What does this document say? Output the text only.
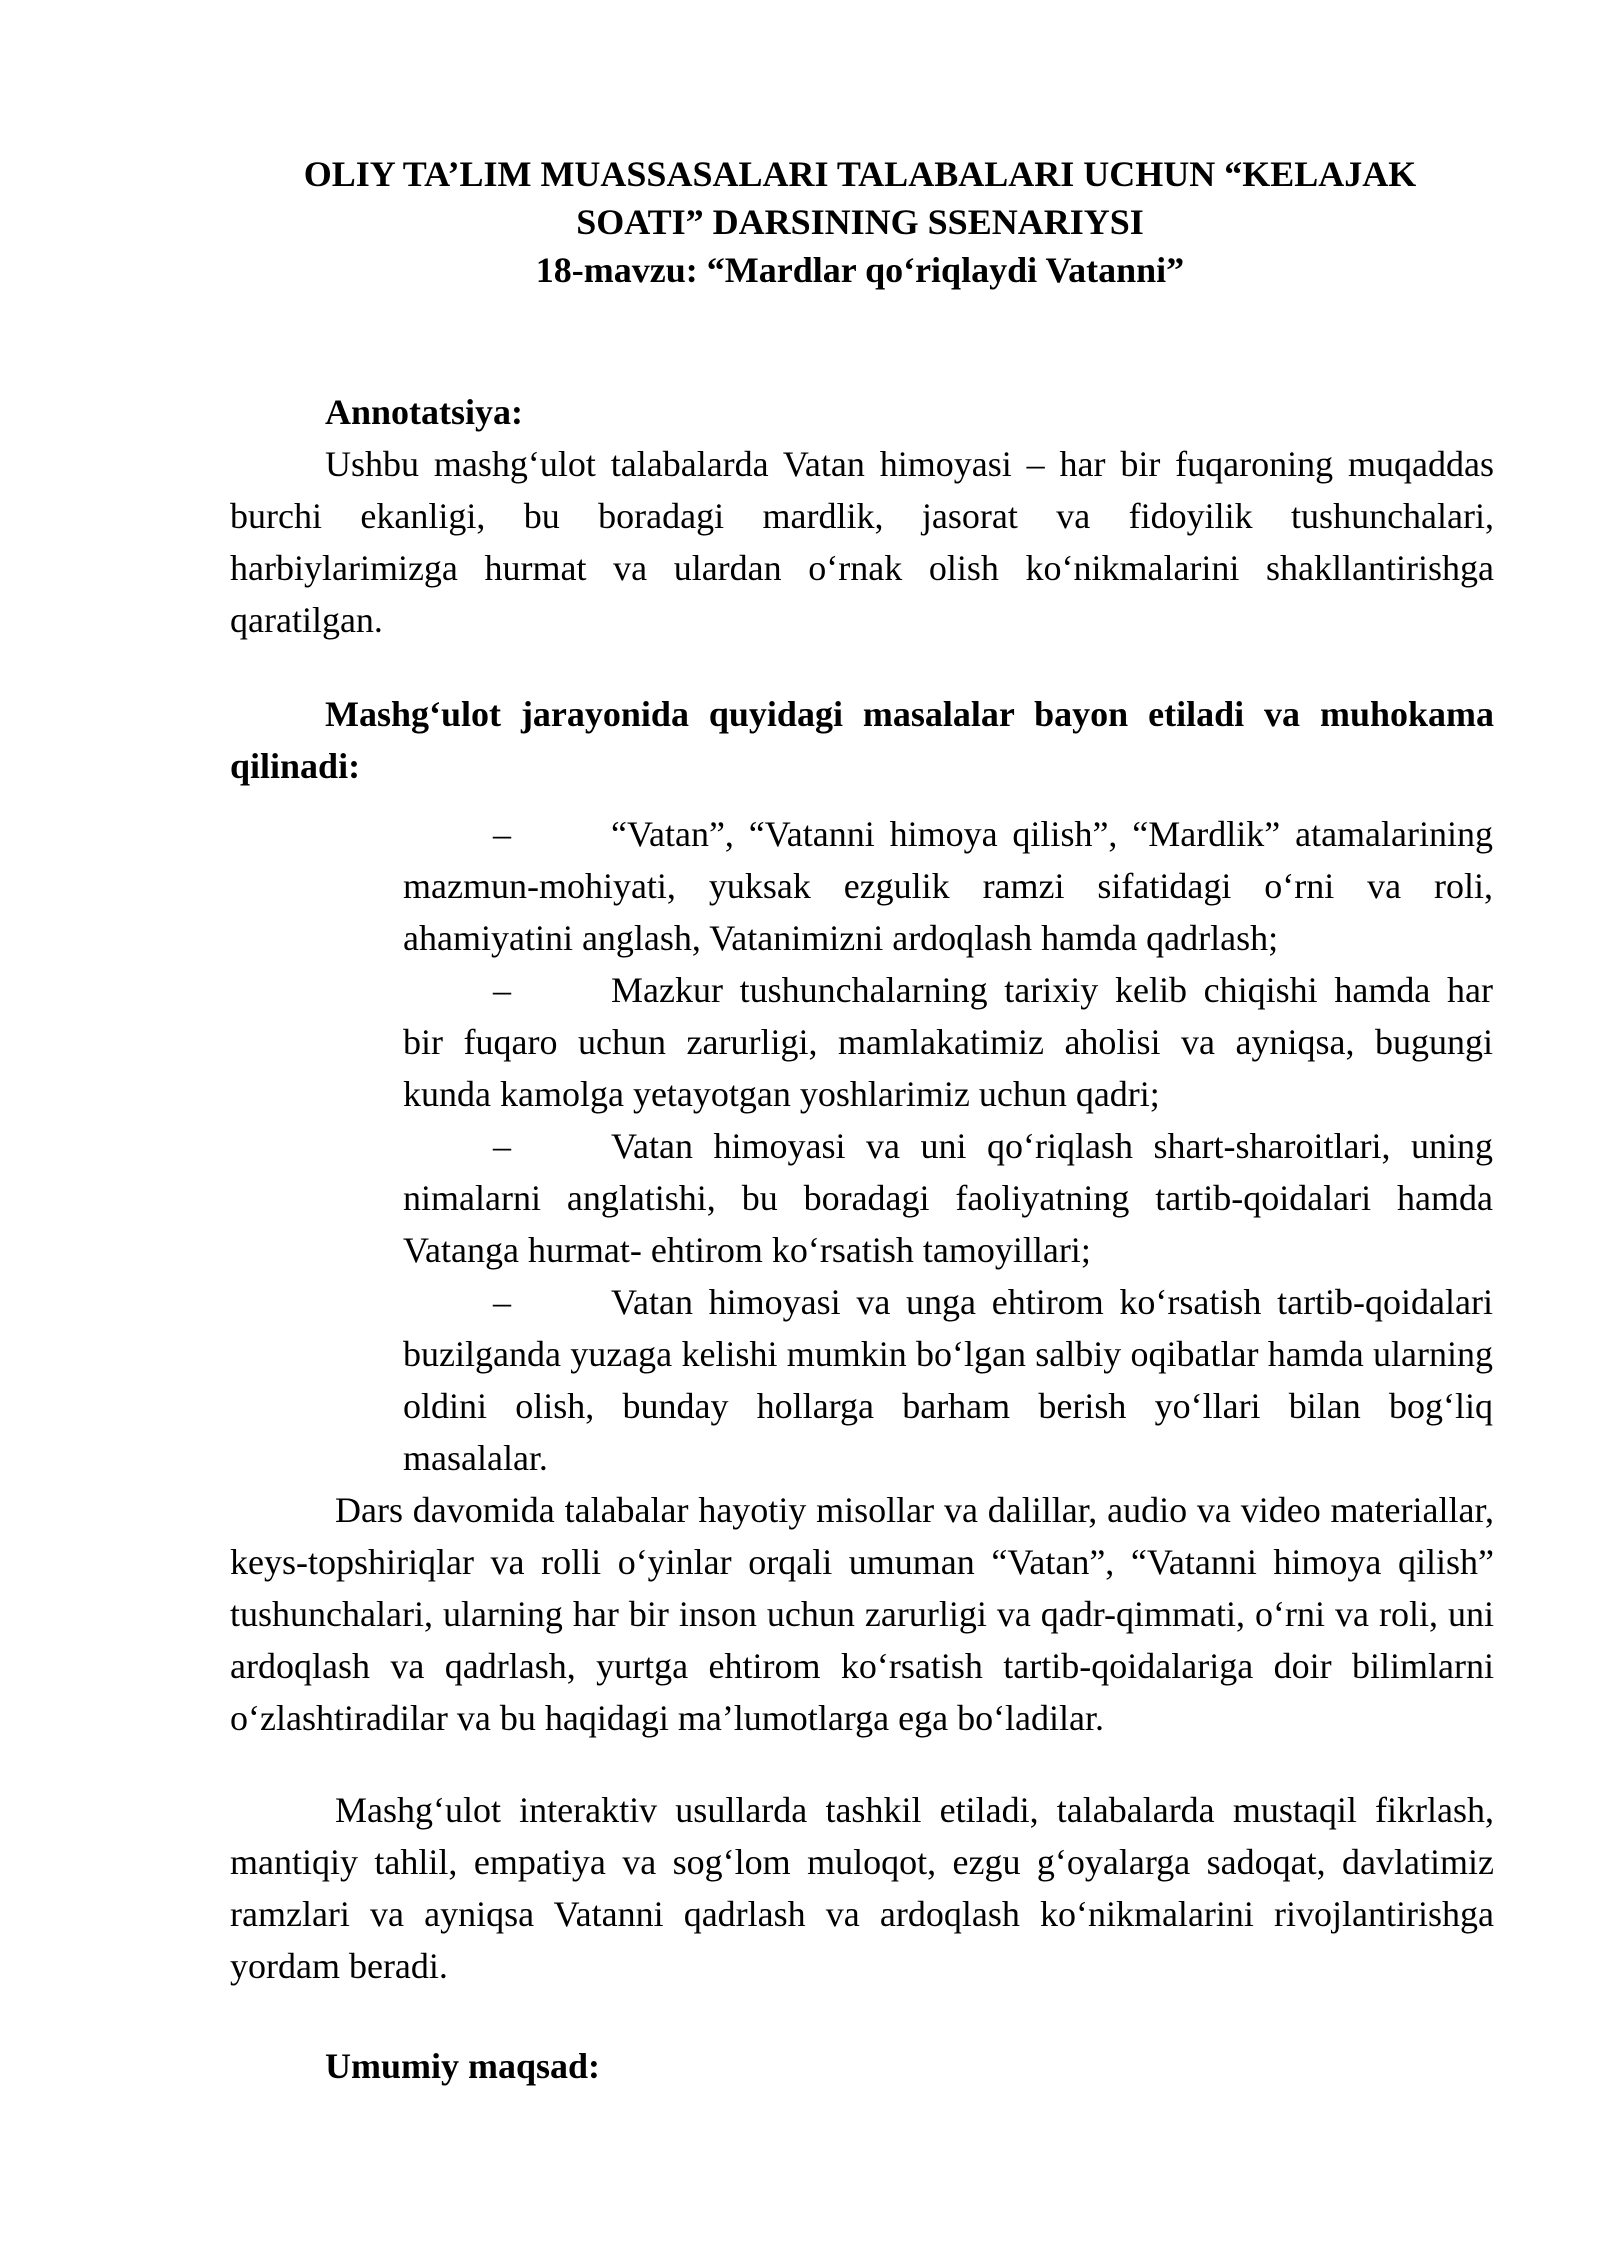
OLIY TA’LIM MUASSASALARI TALABALARI UCHUN “KELAJAK
SOATI” DARSINING SSENARIYSI
18-mavzu: “Mardlar qo‘riqlaydi Vatanni”
Annotatsiya:
Ushbu mashg‘ulot talabalarda Vatan himoyasi – har bir fuqaroning muqaddas burchi ekanligi, bu boradagi mardlik, jasorat va fidoyilik tushunchalari, harbiylarimizga hurmat va ulardan o‘rnak olish ko‘nikmalarini shakllantirishga qaratilgan.
Mashg‘ulot jarayonida quyidagi masalalar bayon etiladi va muhokama qilinadi:
–	“Vatan”, “Vatanni himoya qilish”, “Mardlik” atamalarining mazmun-mohiyati, yuksak ezgulik ramzi sifatidagi o‘rni va roli, ahamiyatini anglash, Vatanimizni ardoqlash hamda qadrlash;
–	Mazkur tushunchalarning tarixiy kelib chiqishi hamda har bir fuqaro uchun zarurligi, mamlakatimiz aholisi va ayniqsa, bugungi kunda kamolga yetayotgan yoshlarimiz uchun qadri;
–	Vatan himoyasi va uni qo‘riqlash shart-sharoitlari, uning nimalarni anglatishi, bu boradagi faoliyatning tartib-qoidalari hamda Vatanga hurmat- ehtirom ko‘rsatish tamoyillari;
–	Vatan himoyasi va unga ehtirom ko‘rsatish tartib-qoidalari buzilganda yuzaga kelishi mumkin bo‘lgan salbiy oqibatlar hamda ularning oldini olish, bunday hollarga barham berish yo‘llari bilan bog‘liq masalalar.
Dars davomida talabalar hayotiy misollar va dalillar, audio va video materiallar, keys-topshiriqlar va rolli o‘yinlar orqali umuman “Vatan”, “Vatanni himoya qilish” tushunchalari, ularning har bir inson uchun zarurligi va qadr-qimmati, o‘rni va roli, uni ardoqlash va qadrlash, yurtga ehtirom ko‘rsatish tartib-qoidalariga doir bilimlarni o‘zlashtiradilar va bu haqidagi ma’lumotlarga ega bo‘ladilar.
Mashg‘ulot interaktiv usullarda tashkil etiladi, talabalarda mustaqil fikrlash, mantiqiy tahlil, empatiya va sog‘lom muloqot, ezgu g‘oyalarga sadoqat, davlatimiz ramzlari va ayniqsa Vatanni qadrlash va ardoqlash ko‘nikmalarini rivojlantirishga yordam beradi.
Umumiy maqsad:
